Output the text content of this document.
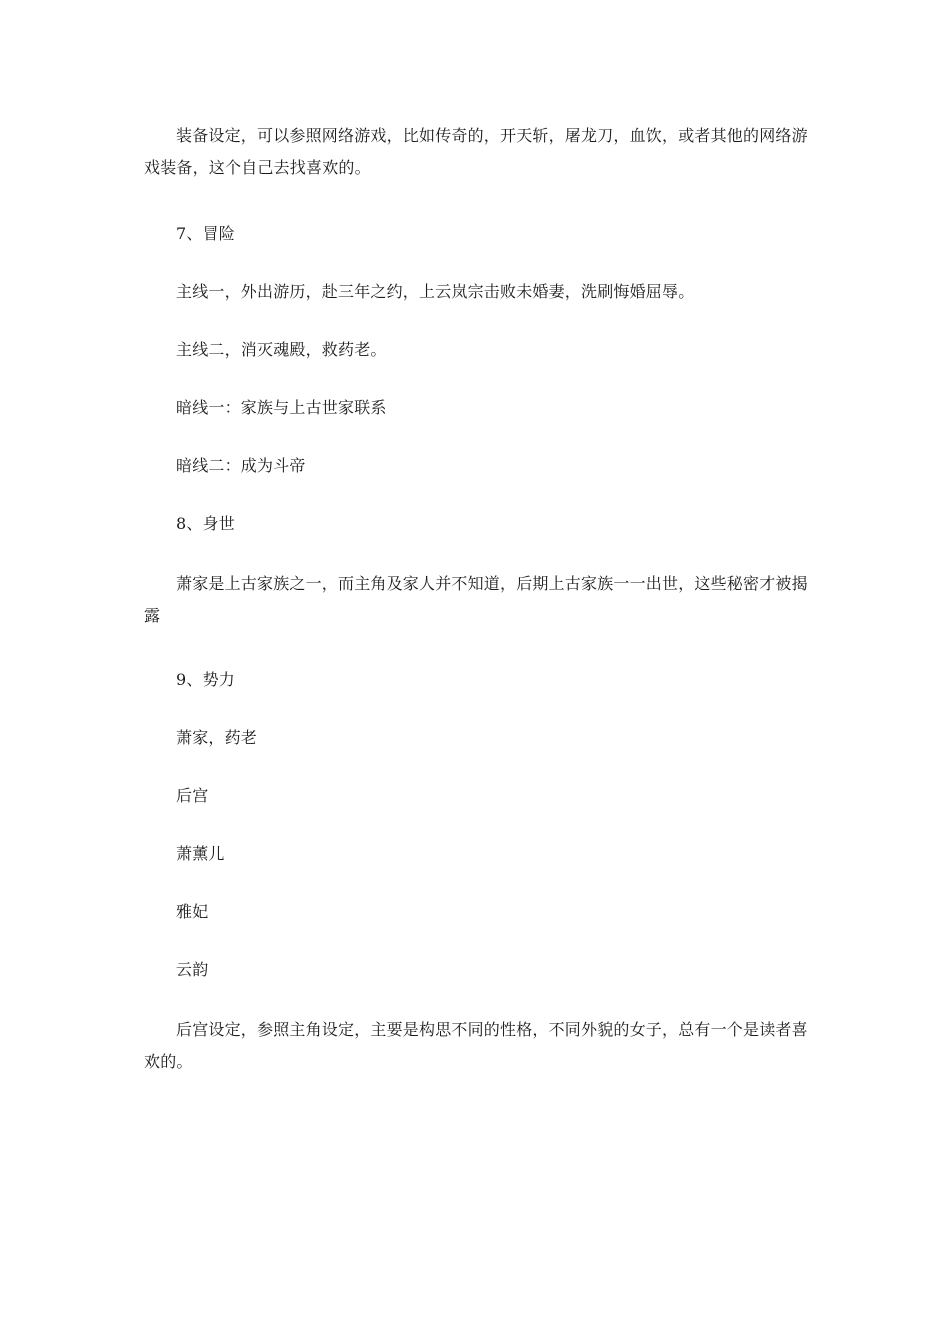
装备设定，可以参照网络游戏，比如传奇的，开天斩，屠龙刀，血饮，或者其他的网络游戏装备，这个自己去找喜欢的。

7、冒险

主线一，外出游历，赴三年之约，上云岚宗击败未婚妻，洗刷悔婚屈辱。

主线二，消灭魂殿，救药老。

暗线一：家族与上古世家联系

暗线二：成为斗帝

8、身世

萧家是上古家族之一，而主角及家人并不知道，后期上古家族一一出世，这些秘密才被揭露

9、势力

萧家，药老

后宫

萧薰儿

雅妃

云韵

后宫设定，参照主角设定，主要是构思不同的性格，不同外貌的女子，总有一个是读者喜欢的。
